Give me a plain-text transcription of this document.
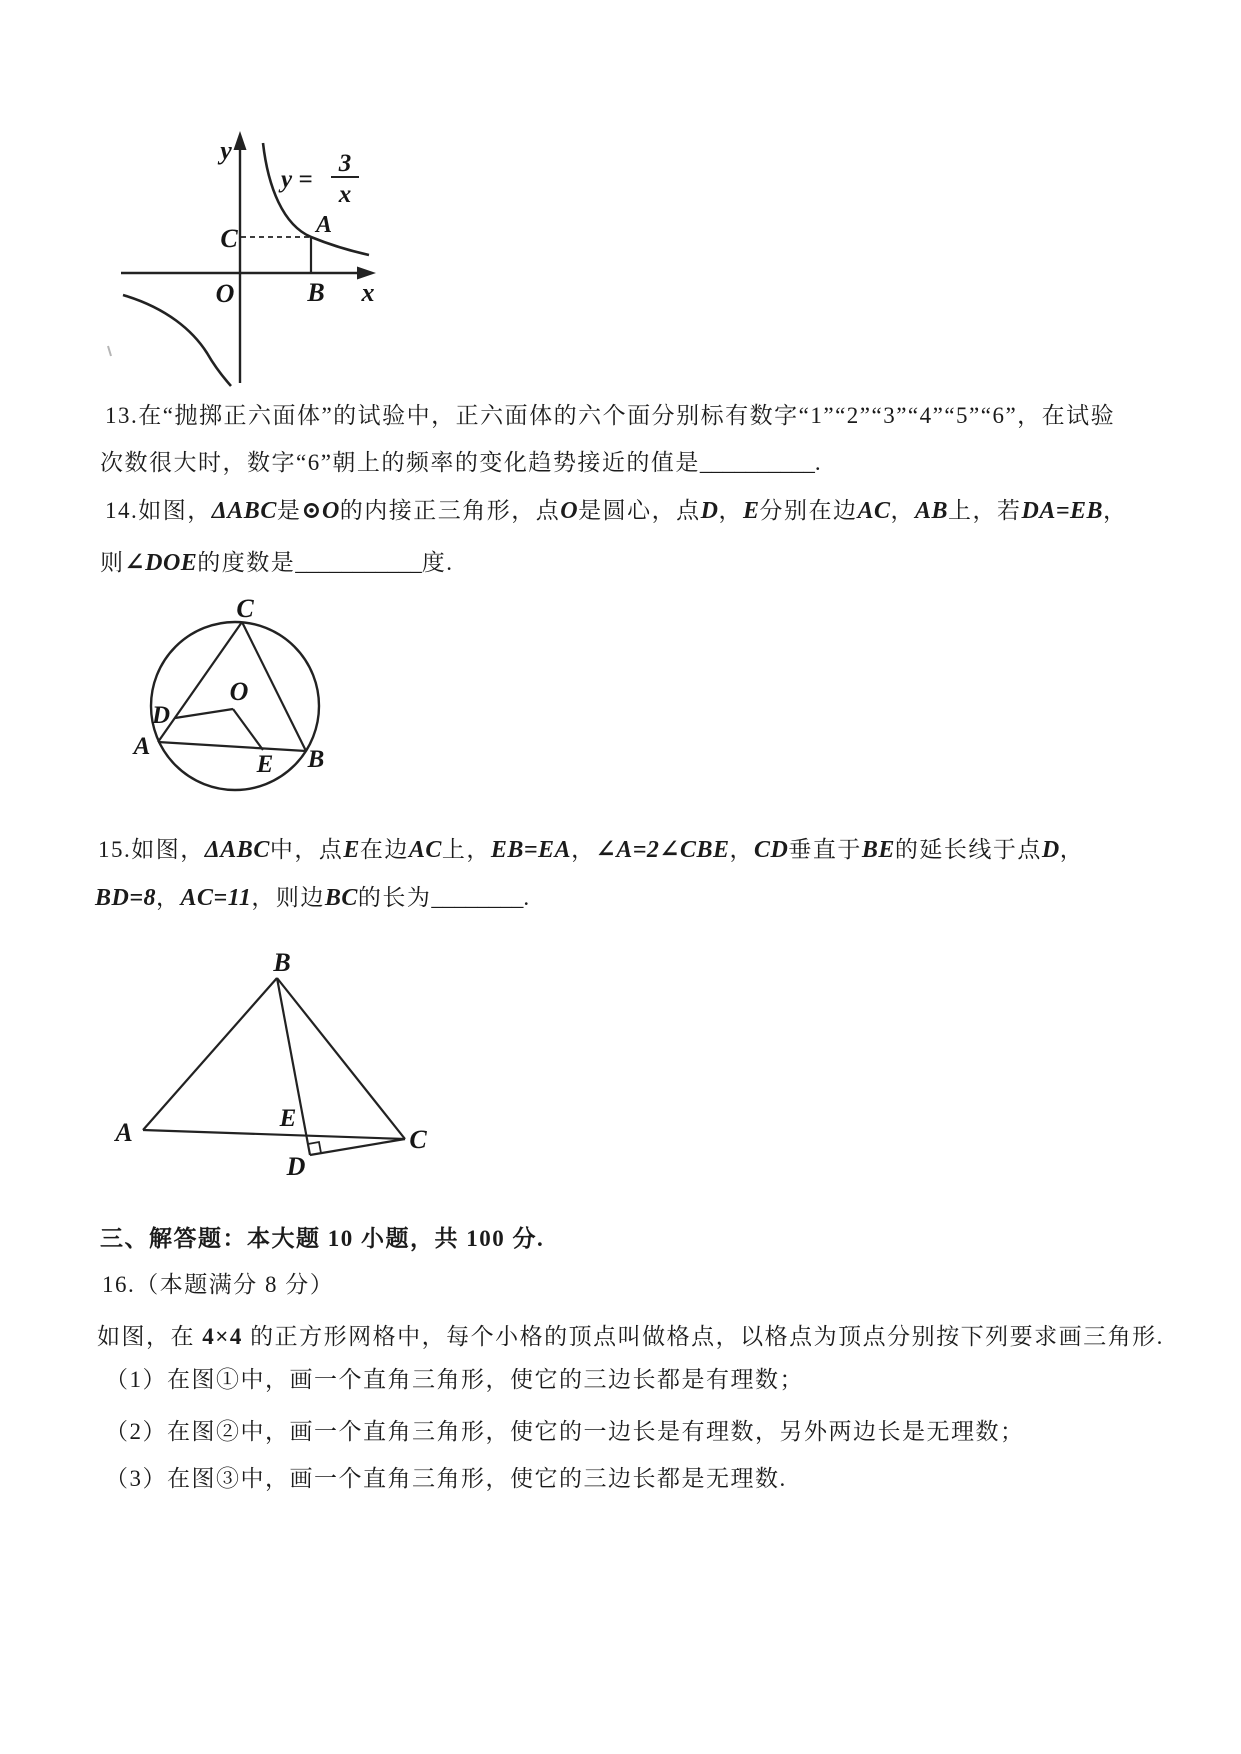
y
x
O
A
B
C
y =
3
x
13.在“抛掷正六面体”的试验中，正六面体的六个面分别标有数字“1”“2”“3”“4”“5”“6”，在试验
次数很大时，数字“6”朝上的频率的变化趋势接近的值是__________.
14.如图，ΔABC是⊙O的内接正三角形，点O是圆心，点D，E分别在边AC，AB上，若DA=EB，
则∠DOE的度数是___________度.
C
O
D
A
E B
15.如图，ΔABC中，点E在边AC上，EB=EA，∠A=2∠CBE，CD垂直于BE的延长线于点D，
BD=8，AC=11，则边BC的长为________.
B
A	C
E
D
三、解答题：本大题 10 小题，共 100 分.
16.（本题满分 8 分）
如图，在 4×4 的正方形网格中，每个小格的顶点叫做格点，以格点为顶点分别按下列要求画三角形.
（1）在图①中，画一个直角三角形，使它的三边长都是有理数；
（2）在图②中，画一个直角三角形，使它的一边长是有理数，另外两边长是无理数；
（3）在图③中，画一个直角三角形，使它的三边长都是无理数.
